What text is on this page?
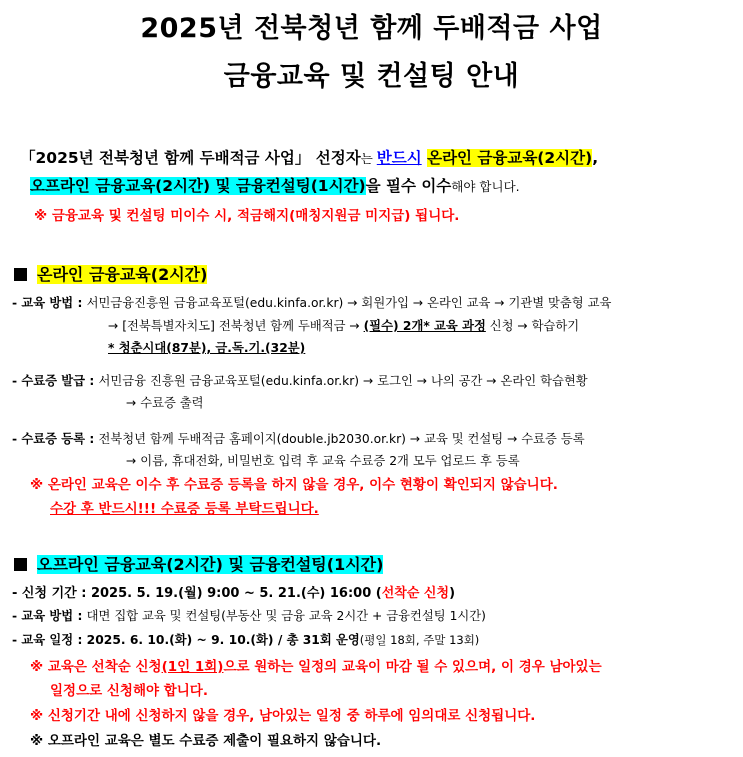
2025년 전북청년 함께 두배적금 사업
금융교육 및 컨설팅 안내
「2025년 전북청년 함께 두배적금 사업」 선정자는 반드시 온라인 금융교육(2시간),
오프라인 금융교육(2시간) 및 금융컨설팅(1시간)을 필수 이수해야 합니다.
※ 금융교육 및 컨설팅 미이수 시, 적금해지(매칭지원금 미지급) 됩니다.
온라인 금융교육(2시간)
- 교육 방법 : 서민금융진흥원 금융교육포털(edu.kinfa.or.kr) → 회원가입 → 온라인 교육 → 기관별 맞춤형 교육
→ [전북특별자치도] 전북청년 함께 두배적금 → (필수) 2개* 교육 과정 신청 → 학습하기
* 청춘시대(87분), 금.독.기.(32분)
- 수료증 발급 : 서민금융 진흥원 금융교육포털(edu.kinfa.or.kr) → 로그인 → 나의 공간 → 온라인 학습현황
→ 수료증 출력
- 수료증 등록 : 전북청년 함께 두배적금 홈페이지(double.jb2030.or.kr) → 교육 및 컨설팅 → 수료증 등록
→ 이름, 휴대전화, 비밀번호 입력 후 교육 수료증 2개 모두 업로드 후 등록
※ 온라인 교육은 이수 후 수료증 등록을 하지 않을 경우, 이수 현황이 확인되지 않습니다.
수강 후 반드시!!! 수료증 등록 부탁드립니다.
오프라인 금융교육(2시간) 및 금융컨설팅(1시간)
- 신청 기간 : 2025. 5. 19.(월) 9:00 ~ 5. 21.(수) 16:00 (선착순 신청)
- 교육 방법 : 대면 집합 교육 및 컨설팅(부동산 및 금융 교육 2시간 + 금융컨설팅 1시간)
- 교육 일정 : 2025. 6. 10.(화) ~ 9. 10.(화) / 총 31회 운영(평일 18회, 주말 13회)
※ 교육은 선착순 신청(1인 1회)으로 원하는 일정의 교육이 마감 될 수 있으며, 이 경우 남아있는
일정으로 신청해야 합니다.
※ 신청기간 내에 신청하지 않을 경우, 남아있는 일정 중 하루에 임의대로 신청됩니다.
※ 오프라인 교육은 별도 수료증 제출이 필요하지 않습니다.
